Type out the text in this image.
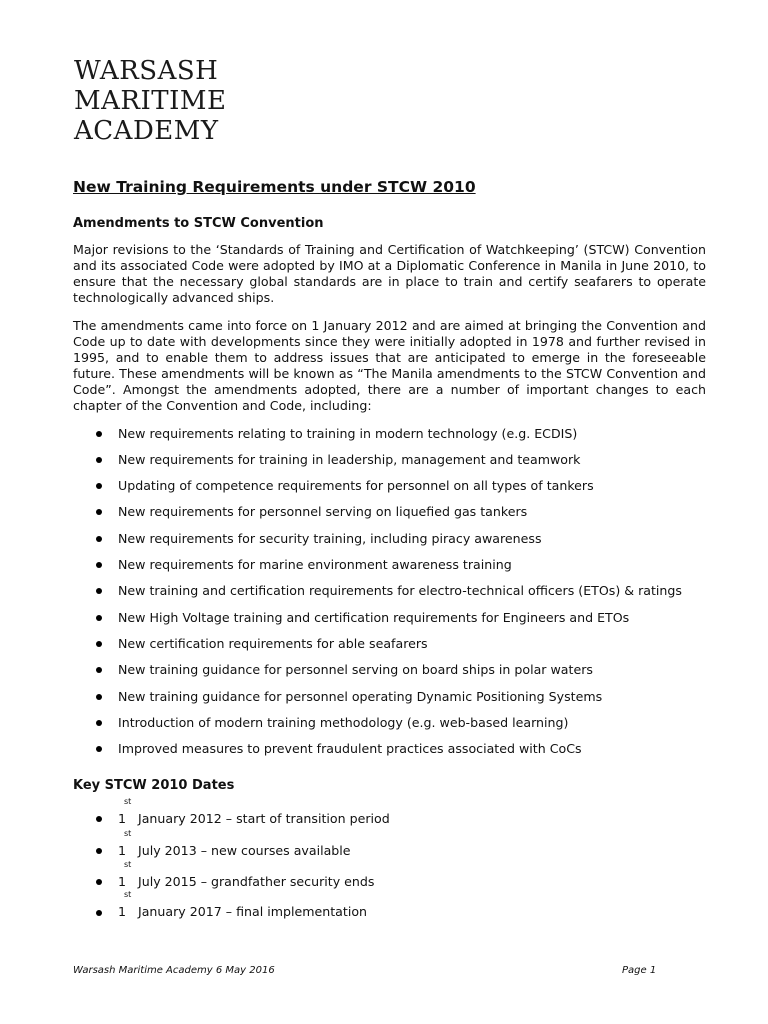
WARSASH
MARITIME
ACADEMY
New Training Requirements under STCW 2010
Amendments to STCW Convention
Major revisions to the ‘Standards of Training and Certification of Watchkeeping’ (STCW) Convention and its associated Code were adopted by IMO at a Diplomatic Conference in Manila in June 2010, to ensure that the necessary global standards are in place to train and certify seafarers to operate technologically advanced ships.
The amendments came into force on 1 January 2012 and are aimed at bringing the Convention and Code up to date with developments since they were initially adopted in 1978 and further revised in 1995, and to enable them to address issues that are anticipated to emerge in the foreseeable future. These amendments will be known as “The Manila amendments to the STCW Convention and Code”. Amongst the amendments adopted, there are a number of important changes to each chapter of the Convention and Code, including:
New requirements relating to training in modern technology (e.g. ECDIS)
New requirements for training in leadership, management and teamwork
Updating of competence requirements for personnel on all types of tankers
New requirements for personnel serving on liquefied gas tankers
New requirements for security training, including piracy awareness
New requirements for marine environment awareness training
New training and certification requirements for electro-technical officers (ETOs) & ratings
New High Voltage training and certification requirements for Engineers and ETOs
New certification requirements for able seafarers
New training guidance for personnel serving on board ships in polar waters
New training guidance for personnel operating Dynamic Positioning Systems
Introduction of modern training methodology (e.g. web-based learning)
Improved measures to prevent fraudulent practices associated with CoCs
Key STCW 2010 Dates
1
st
January 2012 – start of transition period
1
st
July 2013 – new courses available
1
st
July 2015 – grandfather security ends
1
st
January 2017 – final implementation
Warsash Maritime Academy 6 May 2016	Page 1
